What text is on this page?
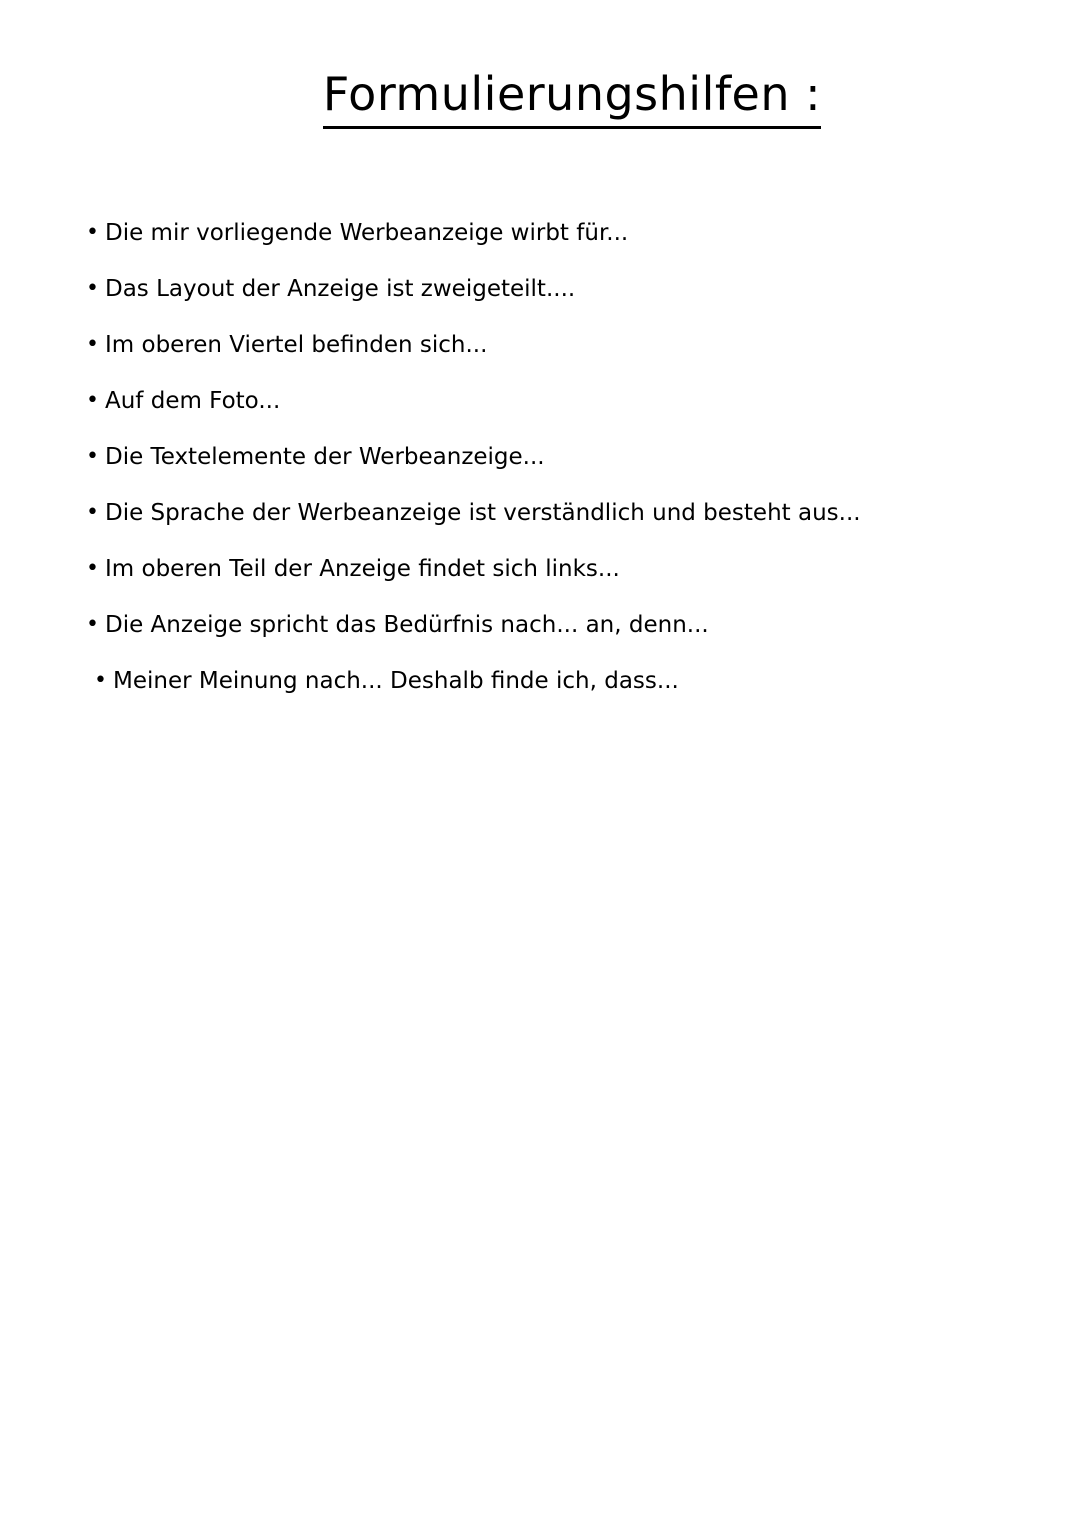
Formulierungshilfen :
• Die mir vorliegende Werbeanzeige wirbt für...
• Das Layout der Anzeige ist zweigeteilt....
• Im oberen Viertel befinden sich...
• Auf dem Foto...
• Die Textelemente der Werbeanzeige...
• Die Sprache der Werbeanzeige ist verständlich und besteht aus...
• Im oberen Teil der Anzeige findet sich links...
• Die Anzeige spricht das Bedürfnis nach... an, denn...
• Meiner Meinung nach... Deshalb finde ich, dass...
